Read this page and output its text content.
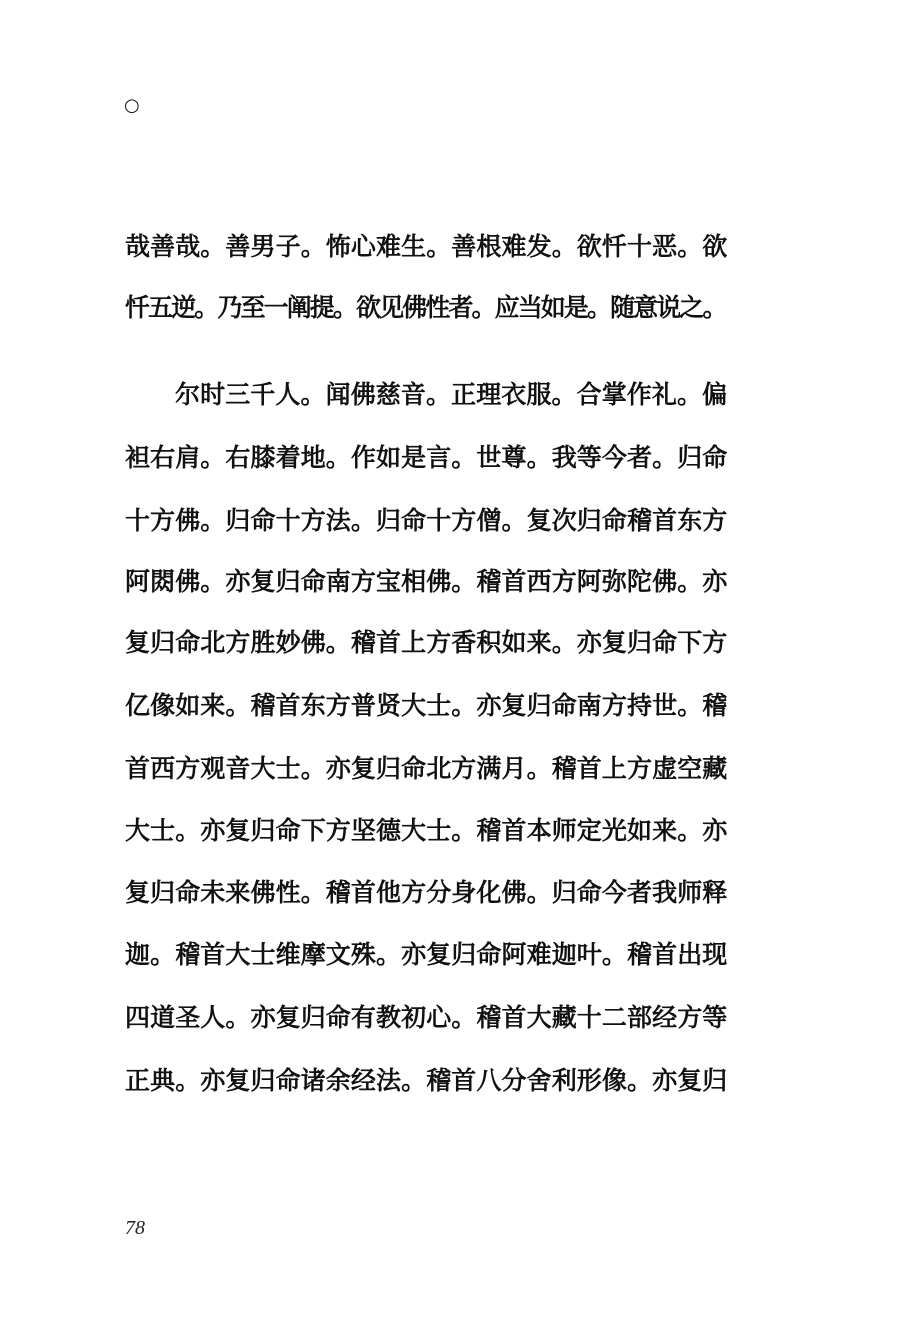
○
哉善哉。善男子。怖心难生。善根难发。欲忏十恶。欲
忏五逆。乃至一阐提。欲见佛性者。应当如是。随意说之。
尔时三千人。闻佛慈音。正理衣服。合掌作礼。偏
袒右肩。右膝着地。作如是言。世尊。我等今者。归命
十方佛。归命十方法。归命十方僧。复次归命稽首东方
阿閦佛。亦复归命南方宝相佛。稽首西方阿弥陀佛。亦
复归命北方胜妙佛。稽首上方香积如来。亦复归命下方
亿像如来。稽首东方普贤大士。亦复归命南方持世。稽
首西方观音大士。亦复归命北方满月。稽首上方虚空藏
大士。亦复归命下方坚德大士。稽首本师定光如来。亦
复归命未来佛性。稽首他方分身化佛。归命今者我师释
迦。稽首大士维摩文殊。亦复归命阿难迦叶。稽首出现
四道圣人。亦复归命有教初心。稽首大藏十二部经方等
正典。亦复归命诸余经法。稽首八分舍利形像。亦复归
78
